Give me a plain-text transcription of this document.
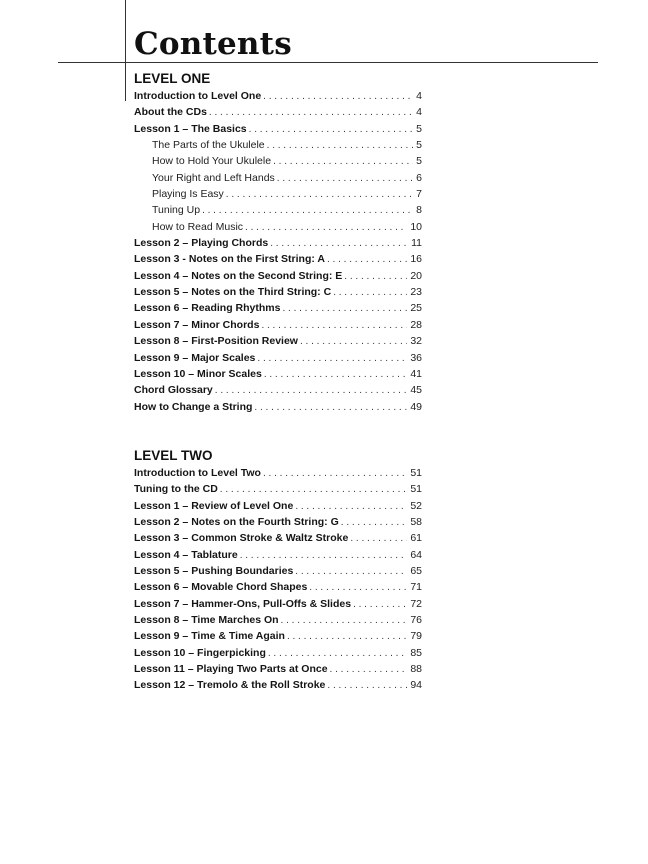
Contents
LEVEL ONE
Introduction to Level One . . .	4
About the CDs . . .	4
Lesson 1 – The Basics . . .	5
The Parts of the Ukulele . . .	5
How to Hold Your Ukulele . . .	5
Your Right and Left Hands . . .	6
Playing Is Easy . . .	7
Tuning Up . . .	8
How to Read Music . . .	10
Lesson 2 – Playing Chords . . .	11
Lesson 3 - Notes on the First String: A . . .	16
Lesson 4 – Notes on the Second String: E . . .	20
Lesson 5 – Notes on the Third String: C . . .	23
Lesson 6 – Reading Rhythms . . .	25
Lesson 7 – Minor Chords . . .	28
Lesson 8 – First-Position Review . . .	32
Lesson 9 – Major Scales . . .	36
Lesson 10 – Minor Scales . . .	41
Chord Glossary . . .	45
How to Change a String . . .	49
LEVEL TWO
Introduction to Level Two . . .	51
Tuning to the CD . . .	51
Lesson 1 – Review of Level One . . .	52
Lesson 2 – Notes on the Fourth String: G . . .	58
Lesson 3 – Common Stroke & Waltz Stroke . . .	61
Lesson 4 – Tablature . . .	64
Lesson 5 – Pushing Boundaries . . .	65
Lesson 6 – Movable Chord Shapes . . .	71
Lesson 7 – Hammer-Ons, Pull-Offs & Slides . . .	72
Lesson 8 – Time Marches On . . .	76
Lesson 9 – Time & Time Again . . .	79
Lesson 10 – Fingerpicking . . .	85
Lesson 11 – Playing Two Parts at Once . . .	88
Lesson 12 – Tremolo & the Roll Stroke . . .	94
